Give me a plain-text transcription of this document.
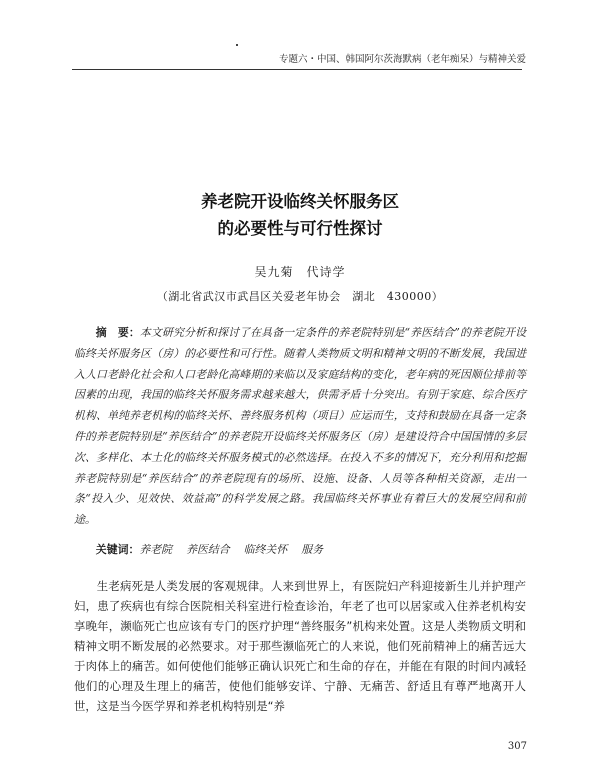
专题六・中国、韩国阿尔茨海默病（老年痴呆）与精神关爱
养老院开设临终关怀服务区
的必要性与可行性探讨
吴九菊　代诗学
（湖北省武汉市武昌区关爱老年协会　湖北　430000）
摘　要：本文研究分析和探讨了在具备一定条件的养老院特别是“养医结合”的养老院开设临终关怀服务区（房）的必要性和可行性。随着人类物质文明和精神文明的不断发展，我国进入人口老龄化社会和人口老龄化高峰期的来临以及家庭结构的变化，老年病的死因顺位排前等因素的出现，我国的临终关怀服务需求越来越大，供需矛盾十分突出。有别于家庭、综合医疗机构、单纯养老机构的临终关怀、善终服务机构（项目）应运而生，支持和鼓励在具备一定条件的养老院特别是“养医结合”的养老院开设临终关怀服务区（房）是建设符合中国国情的多层次、多样化、本土化的临终关怀服务模式的必然选择。在投入不多的情况下，充分利用和挖掘养老院特别是“养医结合”的养老院现有的场所、设施、设备、人员等各种相关资源，走出一条“投入少、见效快、效益高”的科学发展之路。我国临终关怀事业有着巨大的发展空间和前途。
关键词：养老院 养医结合 临终关怀 服务
生老病死是人类发展的客观规律。人来到世界上，有医院妇产科迎接新生儿并护理产妇，患了疾病也有综合医院相关科室进行检查诊治，年老了也可以居家或入住养老机构安享晚年，濒临死亡也应该有专门的医疗护理“善终服务”机构来处置。这是人类物质文明和精神文明不断发展的必然要求。对于那些濒临死亡的人来说，他们死前精神上的痛苦远大于肉体上的痛苦。如何使他们能够正确认识死亡和生命的存在，并能在有限的时间内减轻他们的心理及生理上的痛苦，使他们能够安详、宁静、无痛苦、舒适且有尊严地离开人世，这是当今医学界和养老机构特别是“养
307
